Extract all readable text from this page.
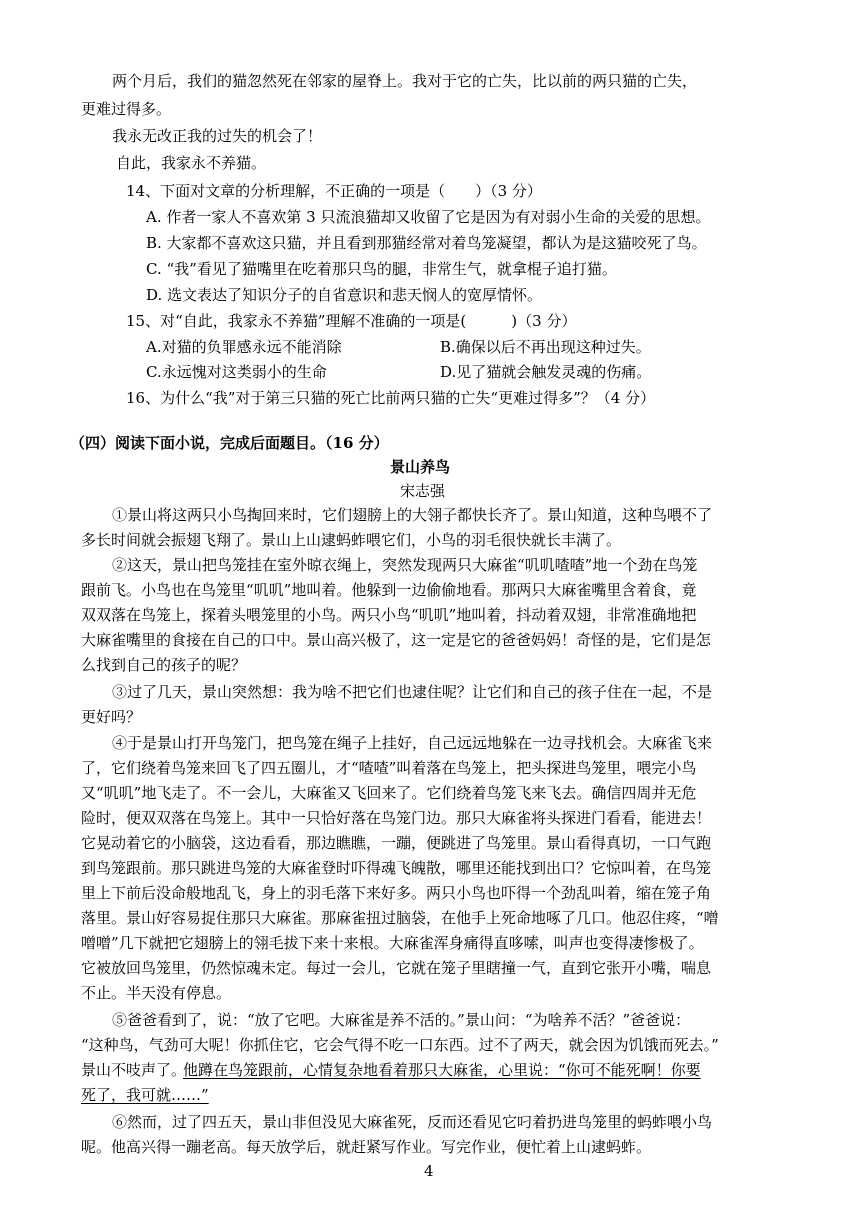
两个月后，我们的猫忽然死在邻家的屋脊上。我对于它的亡失，比以前的两只猫的亡失，
更难过得多。
我永无改正我的过失的机会了！
自此，我家永不养猫。
14、下面对文章的分析理解，不正确的一项是（　　）（3 分）
A. 作者一家人不喜欢第 3 只流浪猫却又收留了它是因为有对弱小生命的关爱的思想。
B. 大家都不喜欢这只猫，并且看到那猫经常对着鸟笼凝望，都认为是这猫咬死了鸟。
C. “我”看见了猫嘴里在吃着那只鸟的腿，非常生气，就拿棍子追打猫。
D. 选文表达了知识分子的自省意识和悲天悯人的宽厚情怀。
15、对“自此，我家永不养猫”理解不准确的一项是(　　　)（3 分）
A.对猫的负罪感永远不能消除	B.确保以后不再出现这种过失。
C.永远愧对这类弱小的生命	D.见了猫就会触发灵魂的伤痛。
16、为什么“我”对于第三只猫的死亡比前两只猫的亡失“更难过得多”？（4 分）
（四）阅读下面小说，完成后面题目。（16 分）
景山养鸟
宋志强
①景山将这两只小鸟掏回来时，它们翅膀上的大翎子都快长齐了。景山知道，这种鸟喂不了
多长时间就会振翅飞翔了。景山上山逮蚂蚱喂它们，小鸟的羽毛很快就长丰满了。
②这天，景山把鸟笼挂在室外晾衣绳上，突然发现两只大麻雀“叽叽喳喳”地一个劲在鸟笼
跟前飞。小鸟也在鸟笼里“叽叽”地叫着。他躲到一边偷偷地看。那两只大麻雀嘴里含着食，竟
双双落在鸟笼上，探着头喂笼里的小鸟。两只小鸟“叽叽”地叫着，抖动着双翅，非常准确地把
大麻雀嘴里的食接在自己的口中。景山高兴极了，这一定是它的爸爸妈妈！奇怪的是，它们是怎
么找到自己的孩子的呢？
③过了几天，景山突然想：我为啥不把它们也逮住呢？让它们和自己的孩子住在一起，不是
更好吗？
④于是景山打开鸟笼门，把鸟笼在绳子上挂好，自己远远地躲在一边寻找机会。大麻雀飞来
了，它们绕着鸟笼来回飞了四五圈儿，才“喳喳”叫着落在鸟笼上，把头探进鸟笼里，喂完小鸟
又“叽叽”地飞走了。不一会儿，大麻雀又飞回来了。它们绕着鸟笼飞来飞去。确信四周并无危
险时，便双双落在鸟笼上。其中一只恰好落在鸟笼门边。那只大麻雀将头探进门看看，能进去！
它晃动着它的小脑袋，这边看看，那边瞧瞧，一蹦，便跳进了鸟笼里。景山看得真切，一口气跑
到鸟笼跟前。那只跳进鸟笼的大麻雀登时吓得魂飞魄散，哪里还能找到出口？它惊叫着，在鸟笼
里上下前后没命般地乱飞，身上的羽毛落下来好多。两只小鸟也吓得一个劲乱叫着，缩在笼子角
落里。景山好容易捉住那只大麻雀。那麻雀扭过脑袋，在他手上死命地啄了几口。他忍住疼，“噌
噌噌”几下就把它翅膀上的翎毛拔下来十来根。大麻雀浑身痛得直哆嗦，叫声也变得凄惨极了。
它被放回鸟笼里，仍然惊魂未定。每过一会儿，它就在笼子里瞎撞一气，直到它张开小嘴，喘息
不止。半天没有停息。
⑤爸爸看到了，说：“放了它吧。大麻雀是养不活的。”景山问：“为啥养不活？”爸爸说：
“这种鸟，气劲可大呢！你抓住它，它会气得不吃一口东西。过不了两天，就会因为饥饿而死去。”
景山不吱声了。
他蹲在鸟笼跟前，心情复杂地看着那只大麻雀，心里说：“你可不能死啊！你要
死了，我可就……”
⑥然而，过了四五天，景山非但没见大麻雀死，反而还看见它叼着扔进鸟笼里的蚂蚱喂小鸟
呢。他高兴得一蹦老高。每天放学后，就赶紧写作业。写完作业，便忙着上山逮蚂蚱。
4
